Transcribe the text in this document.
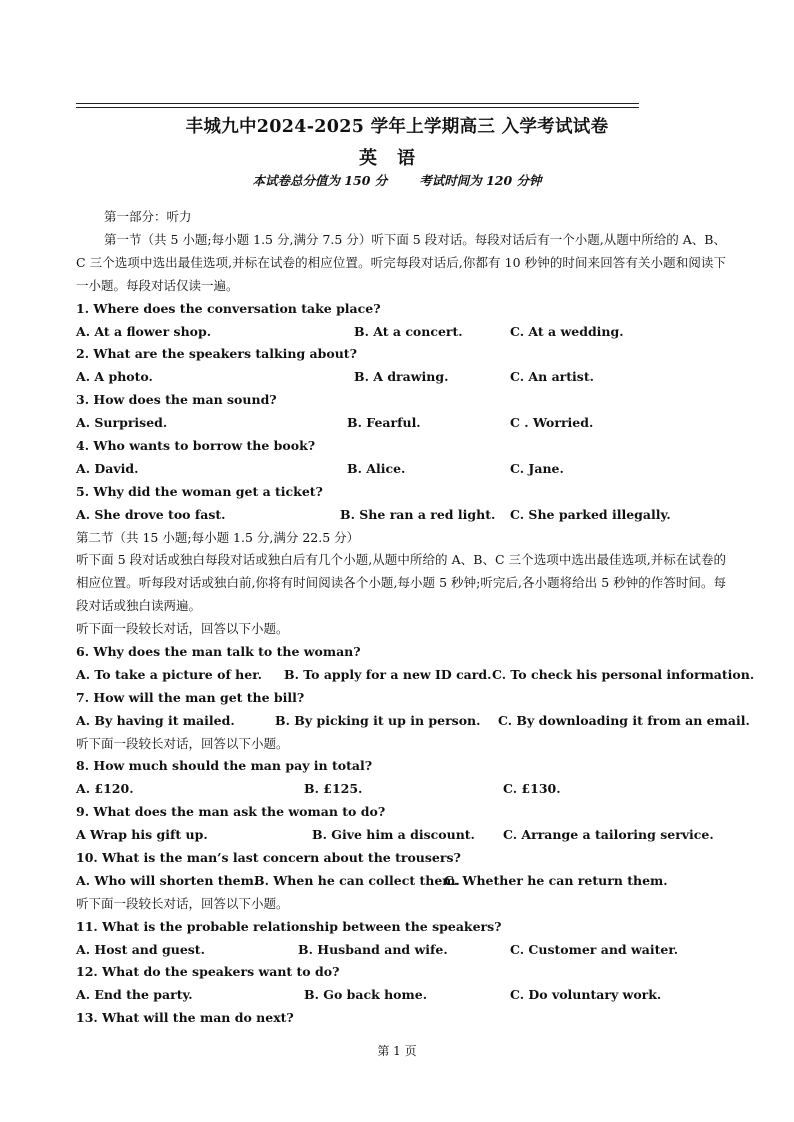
丰城九中2024-2025 学年上学期高三 入学考试试卷
英语
本试卷总分值为 150 分	考试时间为 120 分钟
第一部分：听力
第一节（共 5 小题;每小题 1.5 分,满分 7.5 分）听下面 5 段对话。每段对话后有一个小题,从题中所给的 A、B、C 三个选项中选出最佳选项,并标在试卷的相应位置。听完每段对话后,你都有 10 秒钟的时间来回答有关小题和阅读下一小题。每段对话仅读一遍。
1. Where does the conversation take place?
A. At a flower shop.	B. At a concert.	C. At a wedding.
2. What are the speakers talking about?
A. A photo.	B. A drawing.	C. An artist.
3. How does the man sound?
A. Surprised.	B. Fearful.	C . Worried.
4. Who wants to borrow the book?
A. David.	B. Alice.	C. Jane.
5. Why did the woman get a ticket?
A. She drove too fast.	B. She ran a red light. C. She parked illegally.
第二节（共 15 小题;每小题 1.5 分,满分 22.5 分）
听下面 5 段对话或独白每段对话或独白后有几个小题,从题中所给的 A、B、C 三个选项中选出最佳选项,并标在试卷的相应位置。听每段对话或独白前,你将有时间阅读各个小题,每小题 5 秒钟;听完后,各小题将给出 5 秒钟的作答时间。每段对话或独白读两遍。
听下面一段较长对话，回答以下小题。
6. Why does the man talk to the woman?
A. To take a picture of her. B. To apply for a new ID card. C. To check his personal information.
7. How will the man get the bill?
A. By having it mailed.	B. By picking it up in person. C. By downloading it from an email.
听下面一段较长对话，回答以下小题。
8. How much should the man pay in total?
A. £120.	B. £125.	C. £130.
9. What does the man ask the woman to do?
A Wrap his gift up.	B. Give him a discount. C. Arrange a tailoring service.
10. What is the man’s last concern about the trousers?
A. Who will shorten them.
B. When he can collect them.
C. Whether he can return them.
听下面一段较长对话，回答以下小题。
11. What is the probable relationship between the speakers?
A. Host and guest.	B. Husband and wife.	C. Customer and waiter.
12. What do the speakers want to do?
A. End the party.	B. Go back home.	C. Do voluntary work.
13. What will the man do next?
第 1 页
